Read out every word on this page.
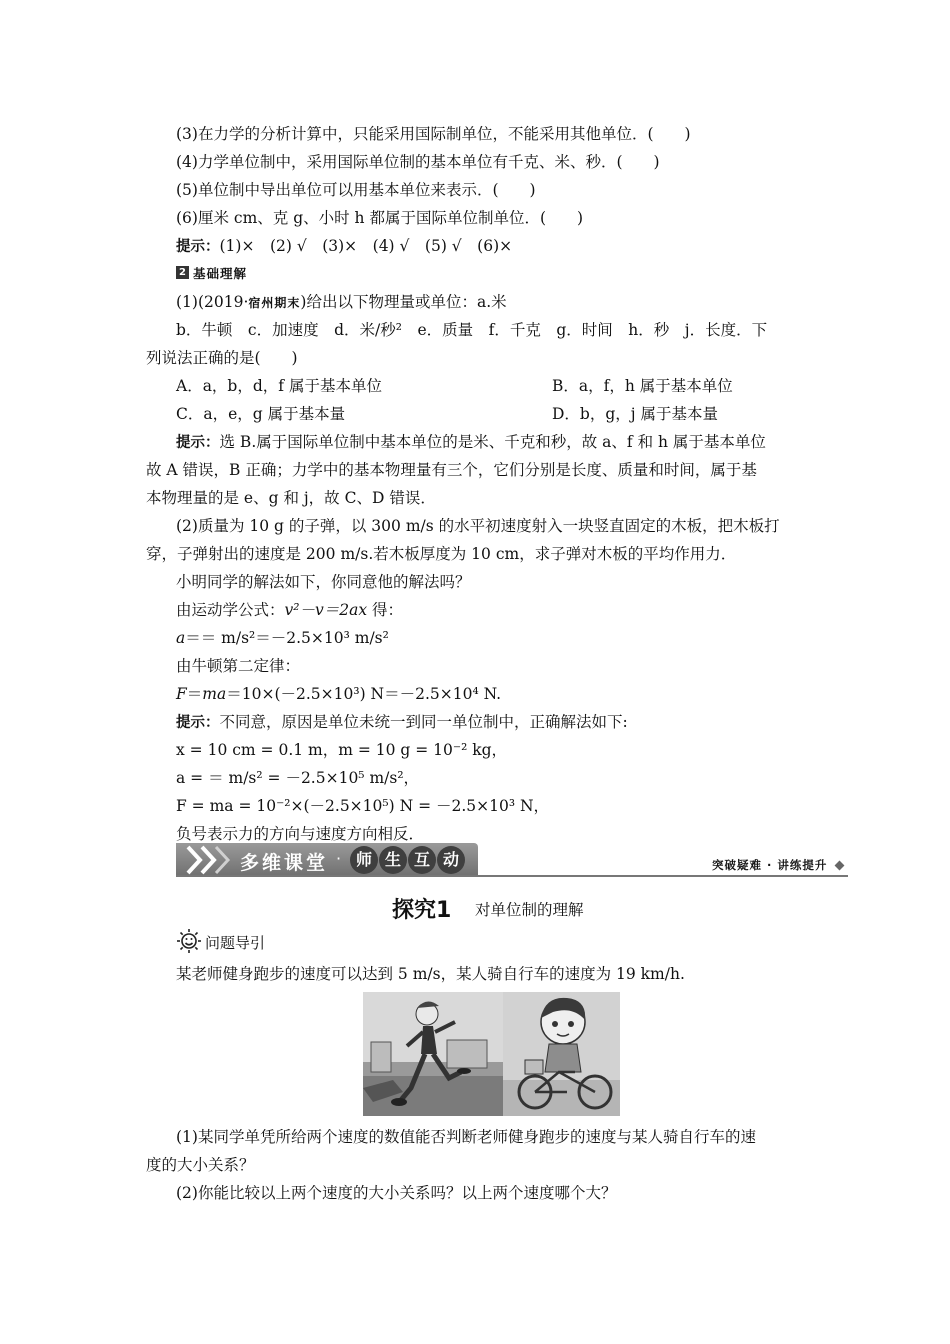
(3)在力学的分析计算中，只能采用国际制单位，不能采用其他单位．(　　)
(4)力学单位制中，采用国际单位制的基本单位有千克、米、秒．(　　)
(5)单位制中导出单位可以用基本单位来表示．(　　)
(6)厘米 cm、克 g、小时 h 都属于国际单位制单位．(　　)
提示：(1)×　(2) √　(3)×　(4) √　(5) √　(6)×
2 基础理解
(1)(2019·宿州期末)给出以下物理量或单位：a.米
b．牛顿　c．加速度　d．米/秒²　e．质量　f．千克　g．时间　h．秒　j．长度．下
列说法正确的是(　　)
A．a，b，d，f 属于基本单位	B．a，f，h 属于基本单位
C．a，e，g 属于基本量	D．b，g，j 属于基本量
提示：选 B.属于国际单位制中基本单位的是米、千克和秒，故 a、f 和 h 属于基本单位
故 A 错误，B 正确；力学中的基本物理量有三个，它们分别是长度、质量和时间，属于基
本物理量的是 e、g 和 j，故 C、D 错误．
(2)质量为 10 g 的子弹，以 300 m/s 的水平初速度射入一块竖直固定的木板，把木板打
穿，子弹射出的速度是 200 m/s.若木板厚度为 10 cm，求子弹对木板的平均作用力．
小明同学的解法如下，你同意他的解法吗？
由运动学公式：v²－v＝2ax 得：
a＝＝ m/s²＝－2.5×10³ m/s²
由牛顿第二定律：
F＝ma＝10×(－2.5×10³) N＝－2.5×10⁴ N.
提示：不同意，原因是单位未统一到同一单位制中，正确解法如下:
x = 10 cm = 0.1 m，m = 10 g = 10⁻² kg，
a = ＝ m/s² = －2.5×10⁵ m/s²，
F = ma = 10⁻²×(－2.5×10⁵) N = －2.5×10³ N，
负号表示力的方向与速度方向相反．
多维课堂 · 师 生 互 动	突破疑难 · 讲练提升
探究1 对单位制的理解
问题导引
某老师健身跑步的速度可以达到 5 m/s，某人骑自行车的速度为 19 km/h.
(1)某同学单凭所给两个速度的数值能否判断老师健身跑步的速度与某人骑自行车的速
度的大小关系？
(2)你能比较以上两个速度的大小关系吗？以上两个速度哪个大？
